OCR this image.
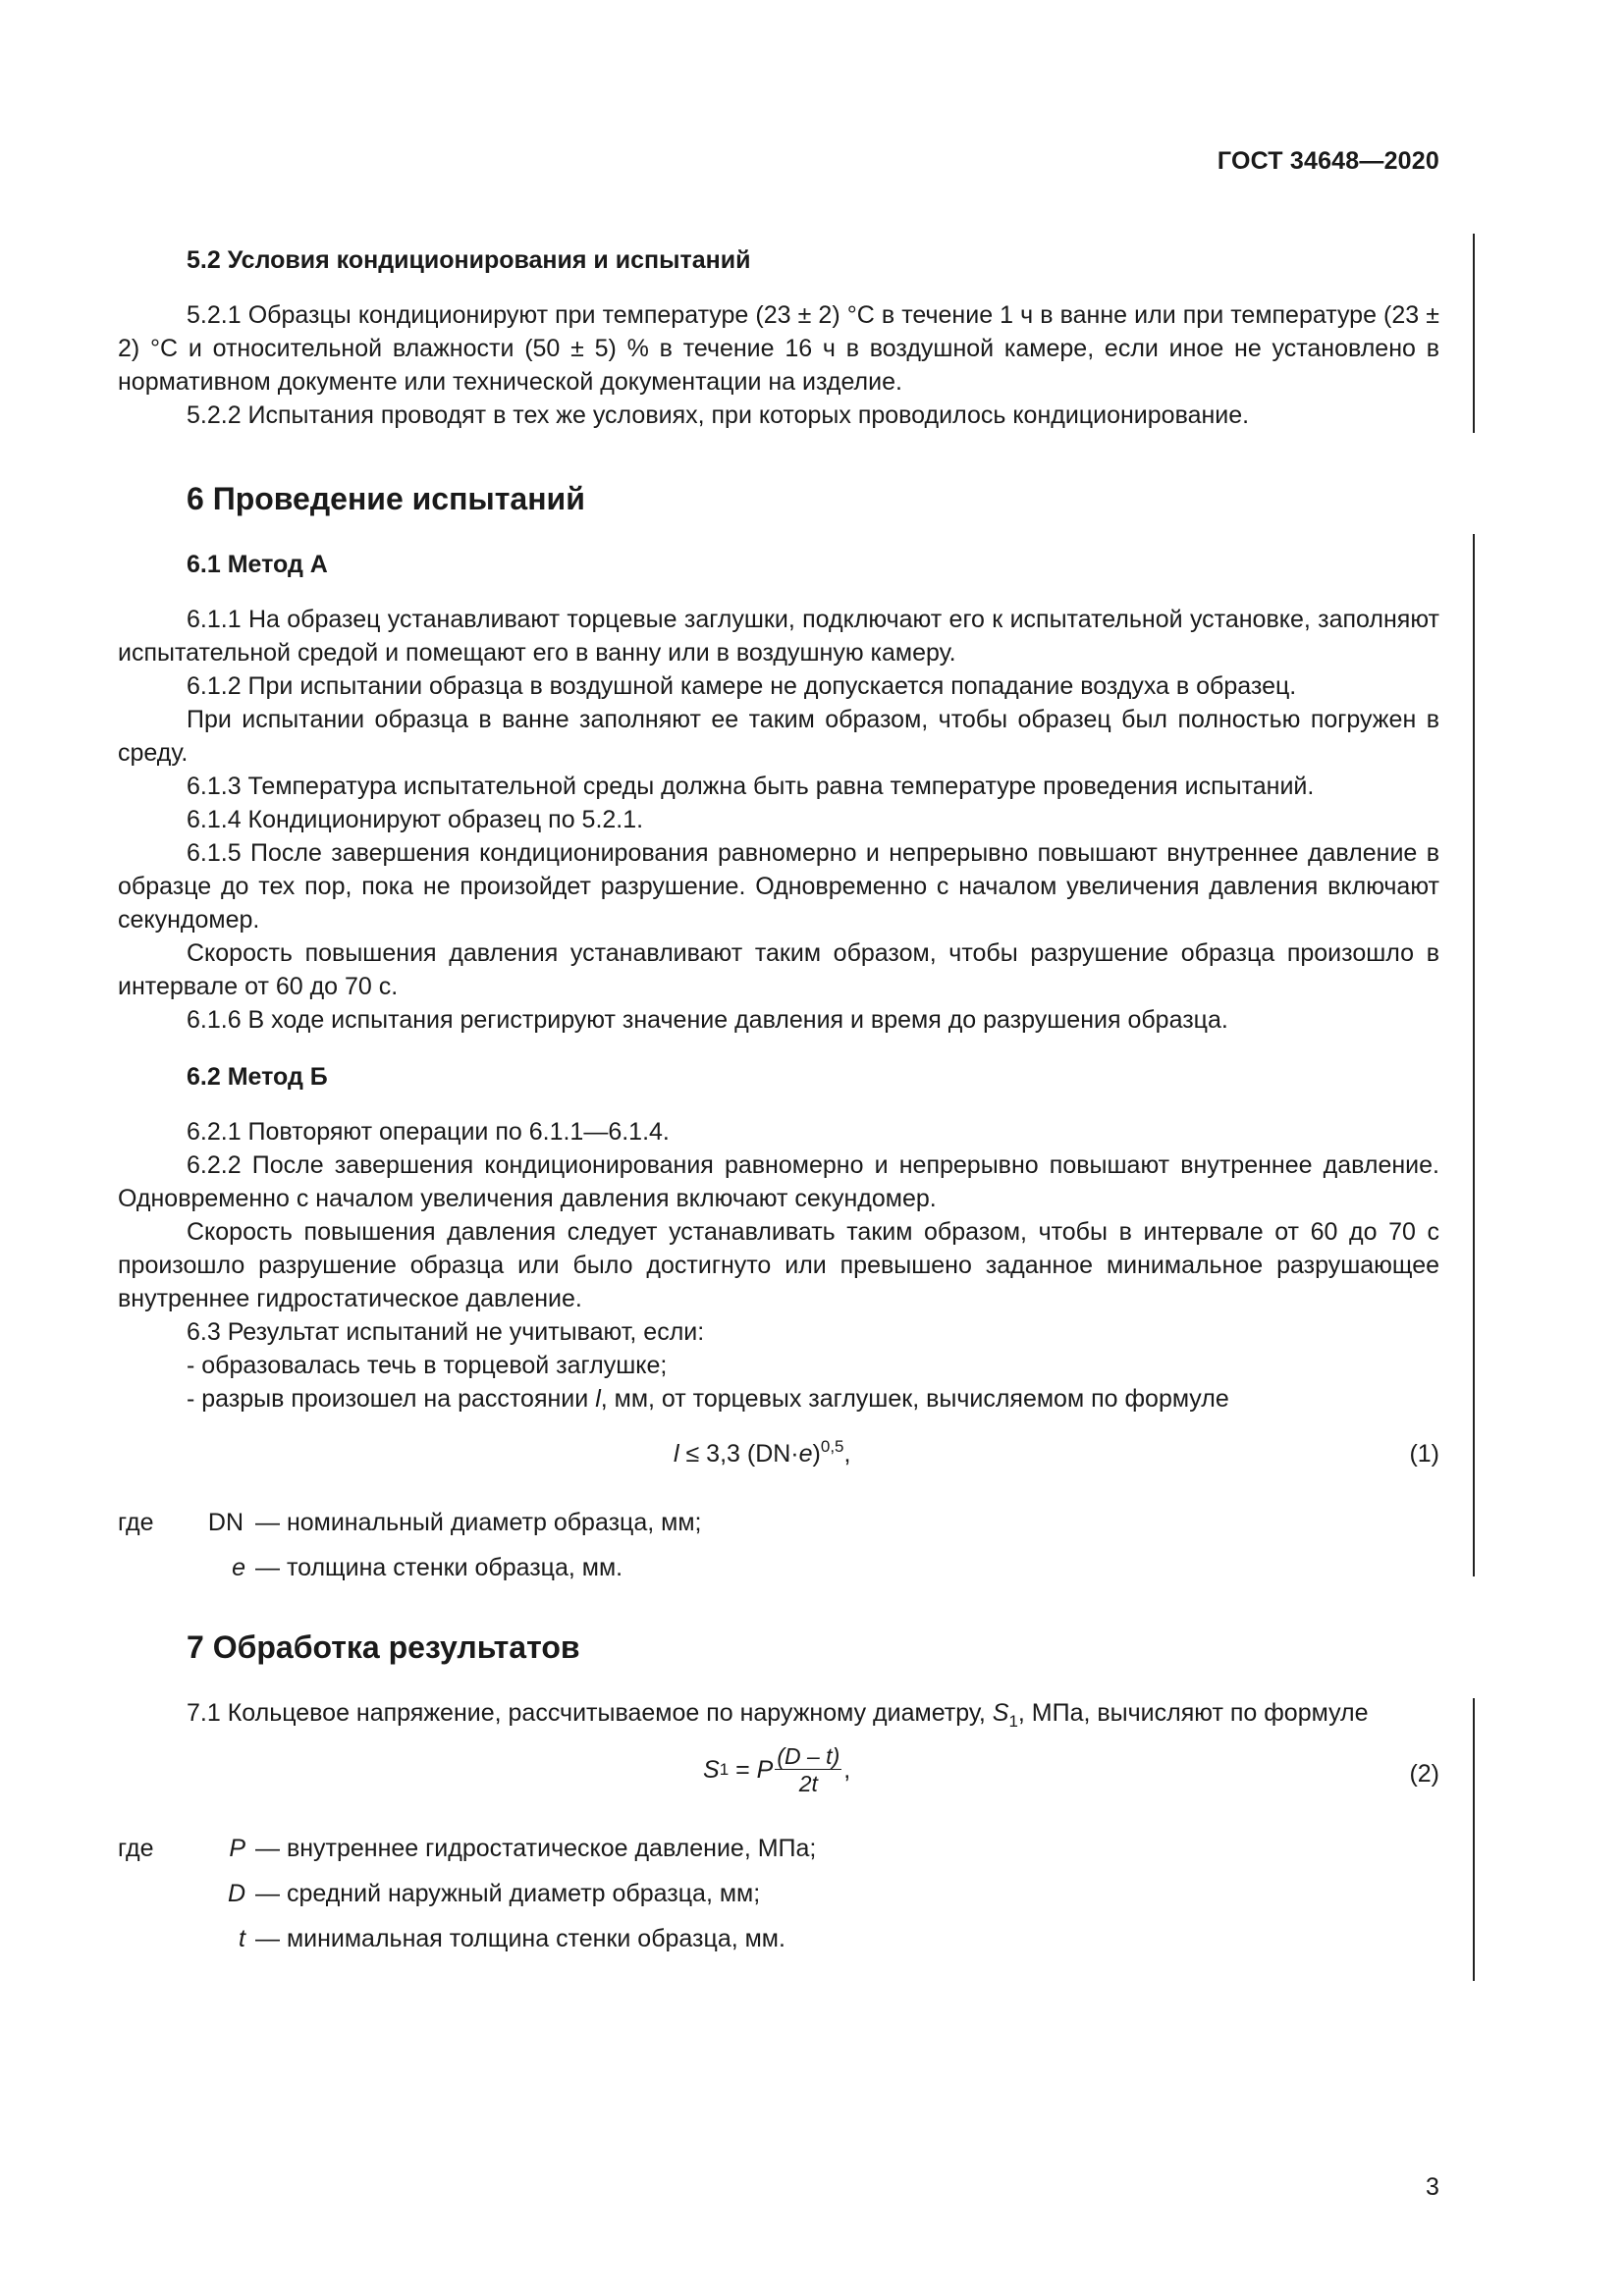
ГОСТ 34648—2020
5.2 Условия кондиционирования и испытаний

5.2.1 Образцы кондиционируют при температуре (23 ± 2) °С в течение 1 ч в ванне или при температуре (23 ± 2) °С и относительной влажности (50 ± 5) % в течение 16 ч в воздушной камере, если иное не установлено в нормативном документе или технической документации на изделие.

5.2.2 Испытания проводят в тех же условиях, при которых проводилось кондиционирование.

6 Проведение испытаний
6.1 Метод А

6.1.1 На образец устанавливают торцевые заглушки, подключают его к испытательной установке, заполняют испытательной средой и помещают его в ванну или в воздушную камеру.

6.1.2 При испытании образца в воздушной камере не допускается попадание воздуха в образец.

При испытании образца в ванне заполняют ее таким образом, чтобы образец был полностью погружен в среду.

6.1.3 Температура испытательной среды должна быть равна температуре проведения испытаний.

6.1.4 Кондиционируют образец по 5.2.1.

6.1.5 После завершения кондиционирования равномерно и непрерывно повышают внутреннее давление в образце до тех пор, пока не произойдет разрушение. Одновременно с началом увеличения давления включают секундомер.

Скорость повышения давления устанавливают таким образом, чтобы разрушение образца произошло в интервале от 60 до 70 с.

6.1.6 В ходе испытания регистрируют значение давления и время до разрушения образца.

6.2 Метод Б

6.2.1 Повторяют операции по 6.1.1—6.1.4.

6.2.2 После завершения кондиционирования равномерно и непрерывно повышают внутреннее давление. Одновременно с началом увеличения давления включают секундомер.

Скорость повышения давления следует устанавливать таким образом, чтобы в интервале от 60 до 70 с произошло разрушение образца или было достигнуто или превышено заданное минимальное разрушающее внутреннее гидростатическое давление.

6.3 Результат испытаний не учитывают, если:

- образовалась течь в торцевой заглушке;

- разрыв произошел на расстоянии l, мм, от торцевых заглушек, вычисляемом по формуле

l ≤ 3,3 $(DN\cdot e)^{0,5}$,	(1)
где	DN — номинальный диаметр образца, мм;
e — толщина стенки образца, мм.
7 Обработка результатов

7.1 Кольцевое напряжение, рассчитываемое по наружному диаметру, $S_1$, МПа, вычисляют по формуле

S 1 = P $\frac{(D - t)}{2t}$ ,	(2)
где	P — внутреннее гидростатическое давление, МПа;
D — средний наружный диаметр образца, мм;
t — минимальная толщина стенки образца, мм.
3
